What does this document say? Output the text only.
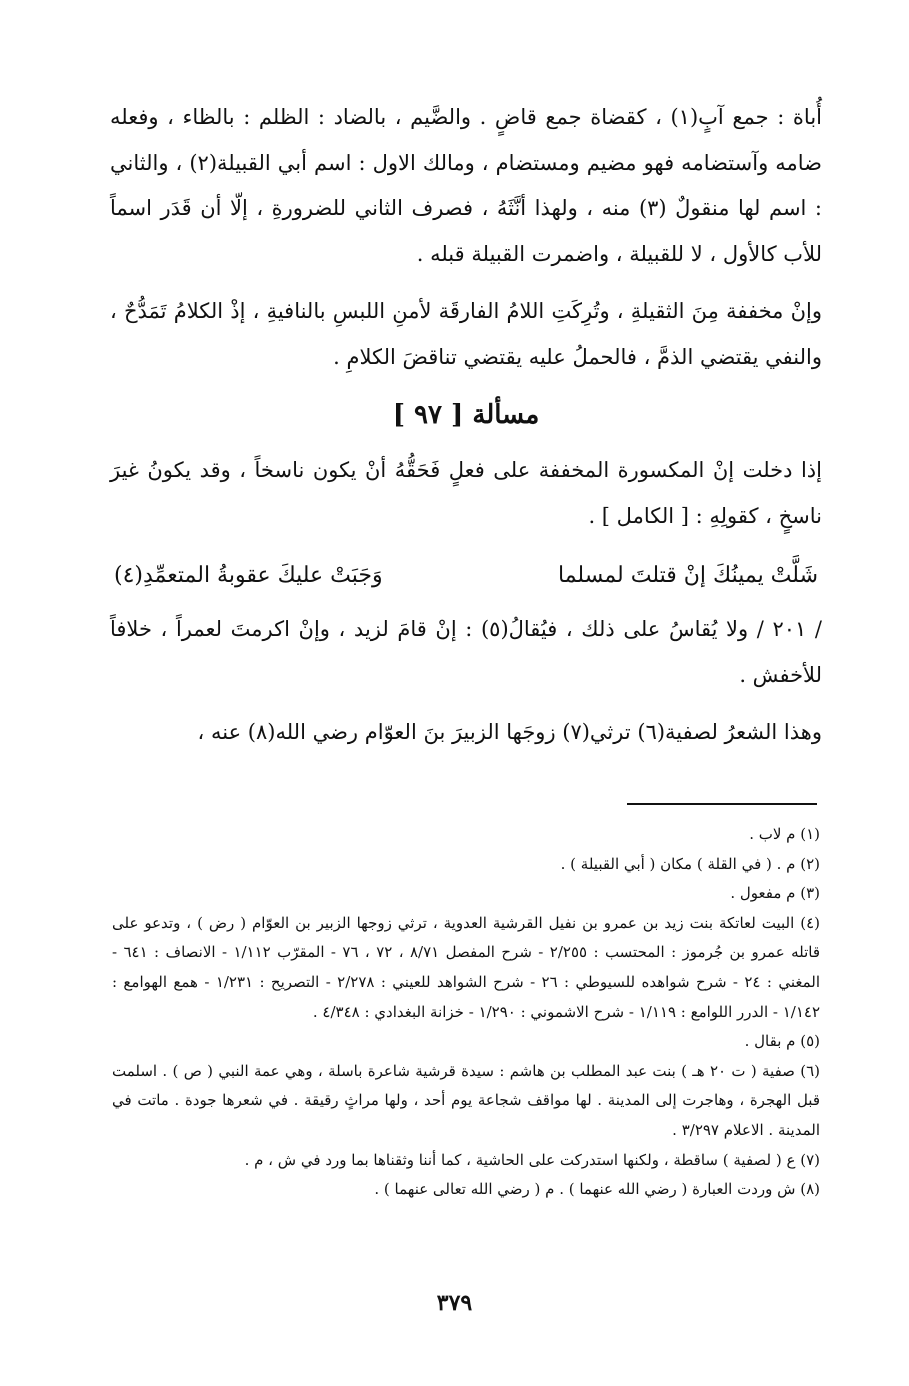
أُباة : جمع آبٍ(١) ، كقضاة جمع قاضٍ . والضَّيم ، بالضاد : الظلم : بالظاء ، وفعله ضامه وآستضامه فهو مضيم ومستضام ، ومالك الاول : اسم أبي القبيلة(٢) ، والثاني : اسم لها منقولٌ (٣) منه ، ولهذا أنَّثَهُ ، فصرف الثاني للضرورةِ ، إلّا أن قَدَر اسماً للأب كالأول ، لا للقبيلة ، واضمرت القبيلة قبله .

وإنْ مخففة مِنَ الثقيلةِ ، وتُرِكَتِ اللامُ الفارقَة لأمنِ اللبسِ بالنافيةِ ، إذْ الكلامُ تَمَدُّحٌ ، والنفي يقتضي الذمَّ ، فالحملُ عليه يقتضي تناقضَ الكلامِ .

مسألة [ ٩٧ ]

إذا دخلت إنْ المكسورة المخففة على فعلٍ فَحَقُّهُ أنْ يكون ناسخاً ، وقد يكونُ غيرَ ناسخٍ ، كقولِهِ : [ الكامل ] .

شَلَّتْ يمينُكَ إنْ قتلتَ لمسلما
وَجَبَتْ عليكَ عقوبةُ المتعمِّدِ(٤)

/ ٢٠١ / ولا يُقاسُ على ذلك ، فيُقالُ(٥) : إنْ قامَ لزيد ، وإنْ اكرمتَ لعمراً ، خلافاً للأخفش .

وهذا الشعرُ لصفية(٦) ترثي(٧) زوجَها الزبيرَ بنَ العوّام رضي الله(٨) عنه ،

(١) م لاب .

(٢) م . ( في القلة ) مكان ( أبي القبيلة ) .

(٣) م مفعول .

(٤) البيت لعاتكة بنت زيد بن عمرو بن نفيل القرشية العدوية ، ترثي زوجها الزبير بن العوّام ( رض ) ، وتدعو على قاتله عمرو بن جُرموز : المحتسب : ٢/٢٥٥ - شرح المفصل ٨/٧١ ، ٧٢ ، ٧٦ - المقرّب ١/١١٢ - الانصاف : ٦٤١ - المغني : ٢٤ - شرح شواهده للسيوطي : ٢٦ - شرح الشواهد للعيني : ٢/٢٧٨ - التصريح : ١/٢٣١ - همع الهوامع : ١/١٤٢ - الدرر اللوامع : ١/١١٩ - شرح الاشموني : ١/٢٩٠ - خزانة البغدادي : ٤/٣٤٨ .

(٥) م بقال .

(٦) صفية ( ت ٢٠ هـ ) بنت عبد المطلب بن هاشم : سيدة قرشية شاعرة باسلة ، وهي عمة النبي ( ص ) . اسلمت قبل الهجرة ، وهاجرت إلى المدينة . لها مواقف شجاعة يوم أحد ، ولها مراثٍ رقيقة . في شعرها جودة . ماتت في المدينة . الاعلام ٣/٢٩٧ .

(٧) ع ( لصفية ) ساقطة ، ولكنها استدركت على الحاشية ، كما أننا وثقناها بما ورد في ش ، م .

(٨) ش وردت العبارة ( رضي الله عنهما ) . م ( رضي الله تعالى عنهما ) .

٣٧٩
